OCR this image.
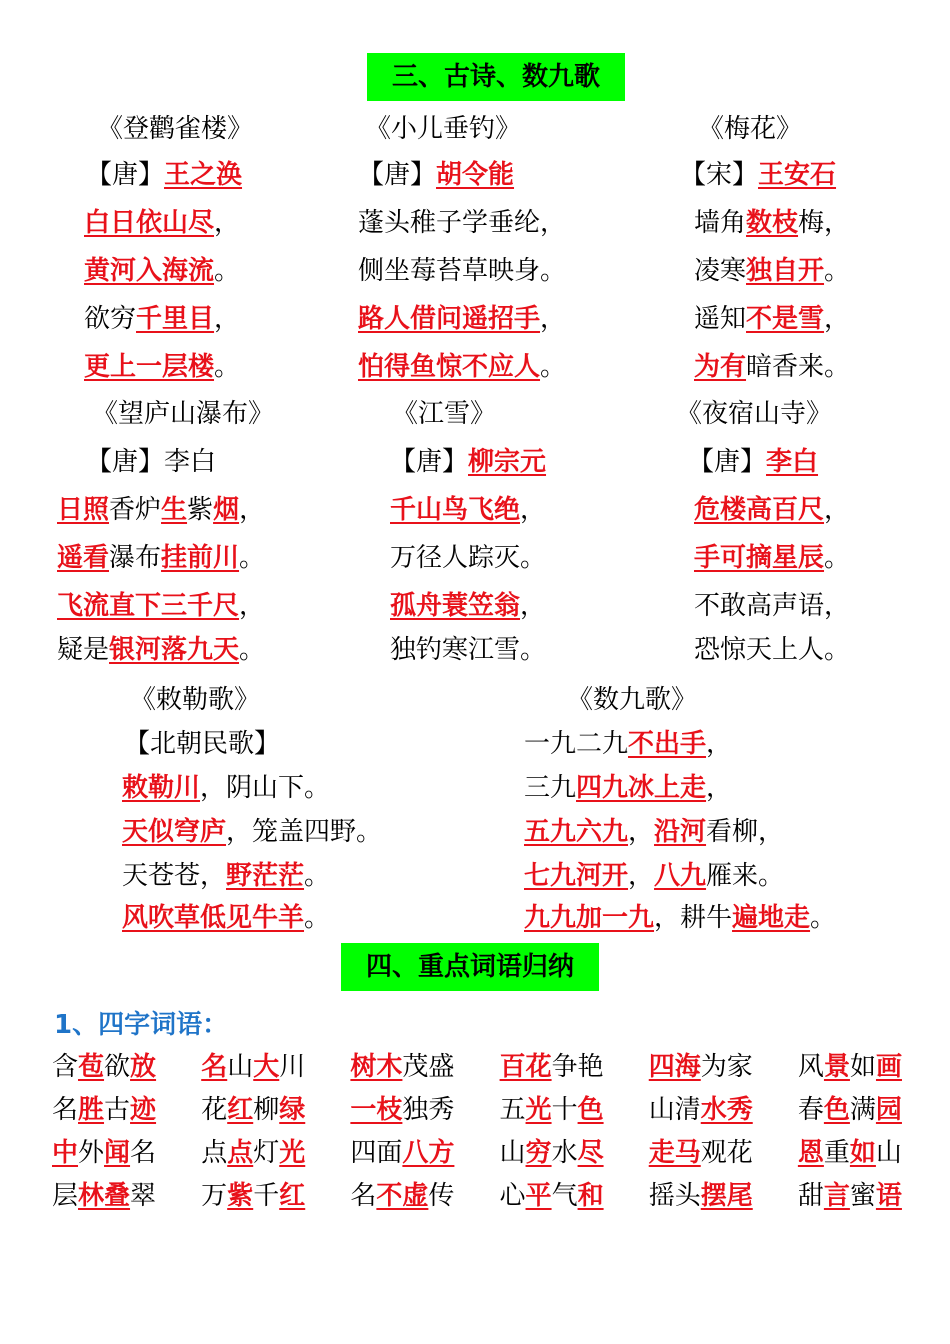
三、古诗、数九歌
《登鹳雀楼》
【唐】王之涣
白日依山尽，
黄河入海流。
欲穷千里目，
更上一层楼。
《小儿垂钓》
【唐】胡令能
蓬头稚子学垂纶，
侧坐莓苔草映身。
路人借问遥招手，
怕得鱼惊不应人。
《梅花》
【宋】王安石
墙角数枝梅，
凌寒独自开。
遥知不是雪，
为有暗香来。
《望庐山瀑布》
【唐】李白
日照香炉生紫烟，
遥看瀑布挂前川。
飞流直下三千尺，
疑是银河落九天。
《江雪》
【唐】柳宗元
千山鸟飞绝，
万径人踪灭。
孤舟蓑笠翁，
独钓寒江雪。
《夜宿山寺》
【唐】李白
危楼高百尺，
手可摘星辰。
不敢高声语，
恐惊天上人。
《敕勒歌》
【北朝民歌】
敕勒川，阴山下。
天似穹庐，笼盖四野。
天苍苍，野茫茫。
风吹草低见牛羊。
《数九歌》
一九二九不出手，
三九四九冰上走，
五九六九，沿河看柳，
七九河开，八九雁来。
九九加一九，耕牛遍地走。
四、重点词语归纳
1、四字词语：
含苞欲放 名山大川 树木茂盛 百花争艳 四海为家 风景如画
名胜古迹 花红柳绿 一枝独秀 五光十色 山清水秀 春色满园
中外闻名 点点灯光 四面八方 山穷水尽 走马观花 恩重如山
层林叠翠 万紫千红 名不虚传 心平气和 摇头摆尾 甜言蜜语
